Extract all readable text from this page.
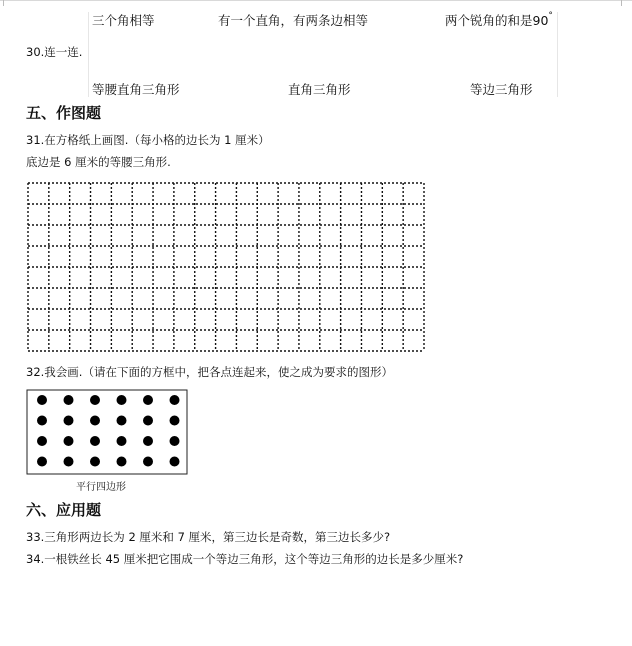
三个角相等	有一个直角，有两条边相等	两个锐角的和是90°
30.连一连.
等腰直角三角形	直角三角形	等边三角形
五、作图题
31.在方格纸上画图.（每小格的边长为 1 厘米）
底边是 6 厘米的等腰三角形.
32.我会画.（请在下面的方框中，把各点连起来，使之成为要求的图形）
平行四边形
六、应用题
33.三角形两边长为 2 厘米和 7 厘米，第三边长是奇数，第三边长多少?
34.一根铁丝长 45 厘米把它围成一个等边三角形，这个等边三角形的边长是多少厘米?
